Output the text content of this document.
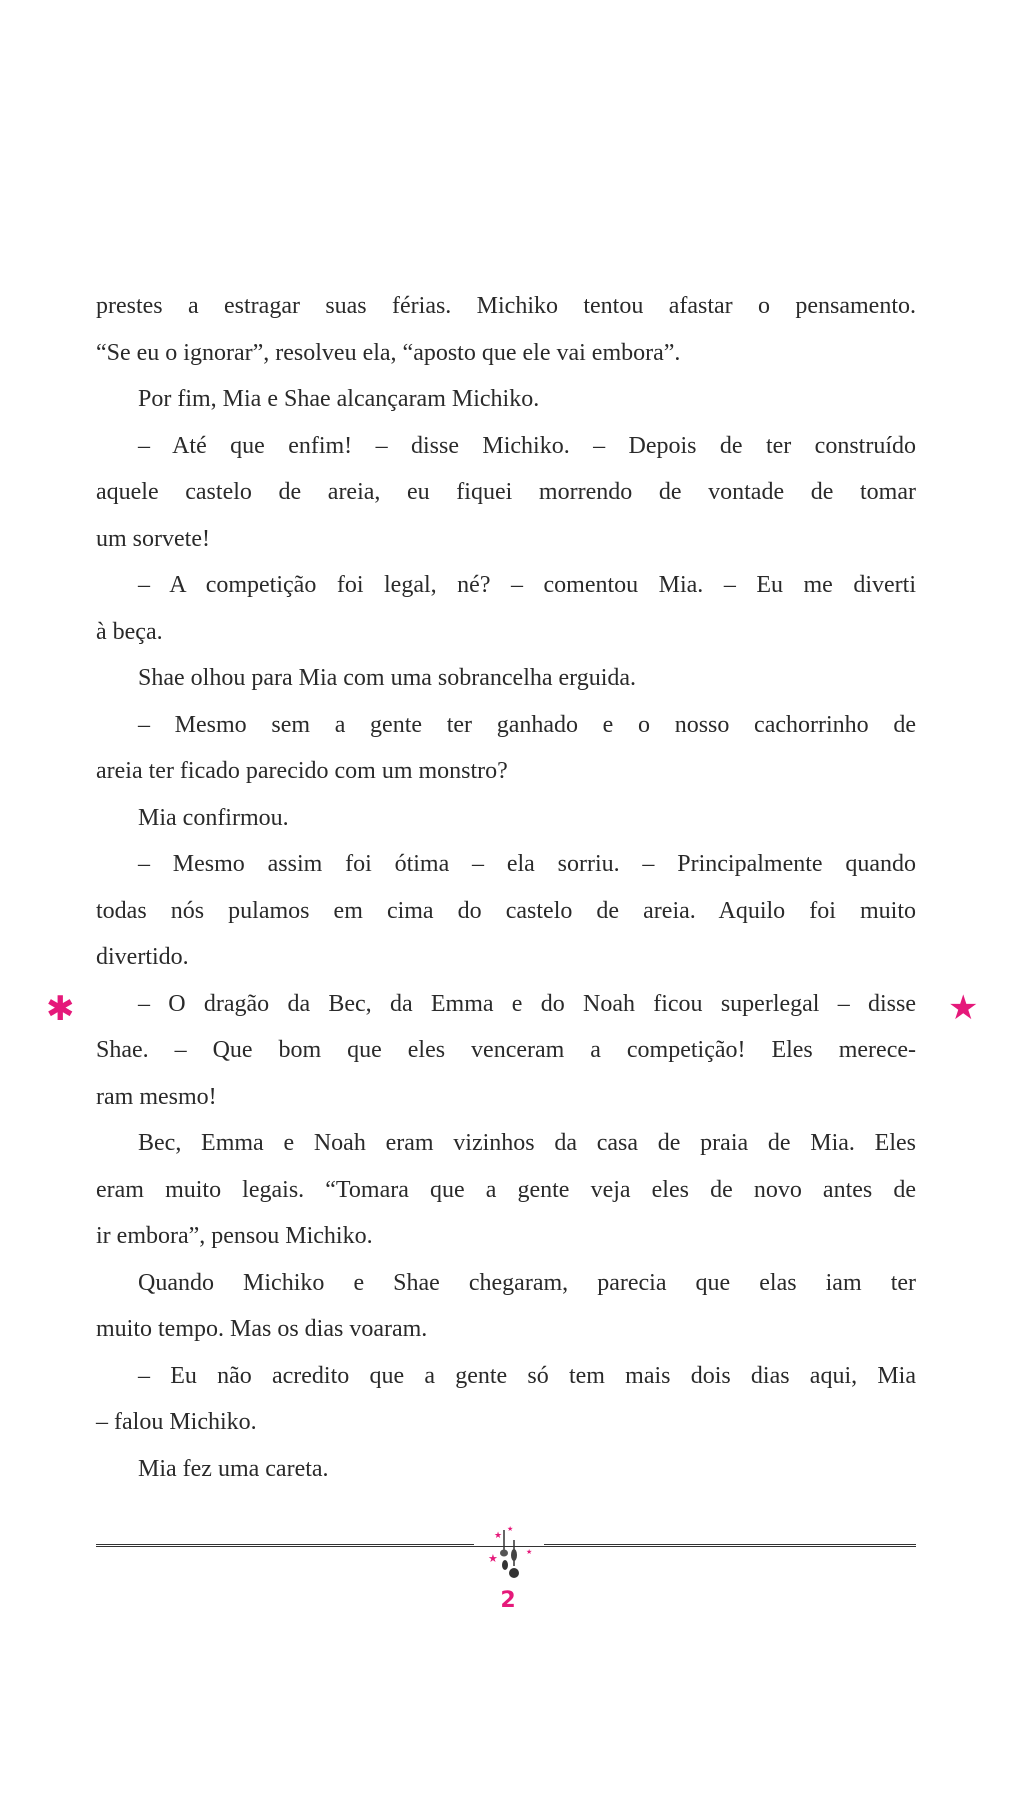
prestes a estragar suas férias. Michiko tentou afastar o pensamento.
“Se eu o ignorar”, resolveu ela, “aposto que ele vai embora”.
Por fim, Mia e Shae alcançaram Michiko.
– Até que enfim! – disse Michiko. – Depois de ter construído
aquele castelo de areia, eu fiquei morrendo de vontade de tomar
um sorvete!
– A competição foi legal, né? – comentou Mia. – Eu me diverti
à beça.
Shae olhou para Mia com uma sobrancelha erguida.
– Mesmo sem a gente ter ganhado e o nosso cachorrinho de
areia ter ficado parecido com um monstro?
Mia confirmou.
– Mesmo assim foi ótima – ela sorriu. – Principalmente quando
todas nós pulamos em cima do castelo de areia. Aquilo foi muito
divertido.
– O dragão da Bec, da Emma e do Noah ficou superlegal – disse
Shae. – Que bom que eles venceram a competição! Eles merece-
ram mesmo!
Bec, Emma e Noah eram vizinhos da casa de praia de Mia. Eles
eram muito legais. “Tomara que a gente veja eles de novo antes de
ir embora”, pensou Michiko.
Quando Michiko e Shae chegaram, parecia que elas iam ter
muito tempo. Mas os dias voaram.
– Eu não acredito que a gente só tem mais dois dias aqui, Mia
– falou Michiko.
Mia fez uma careta.
✱	★
★
★
★
★
2
